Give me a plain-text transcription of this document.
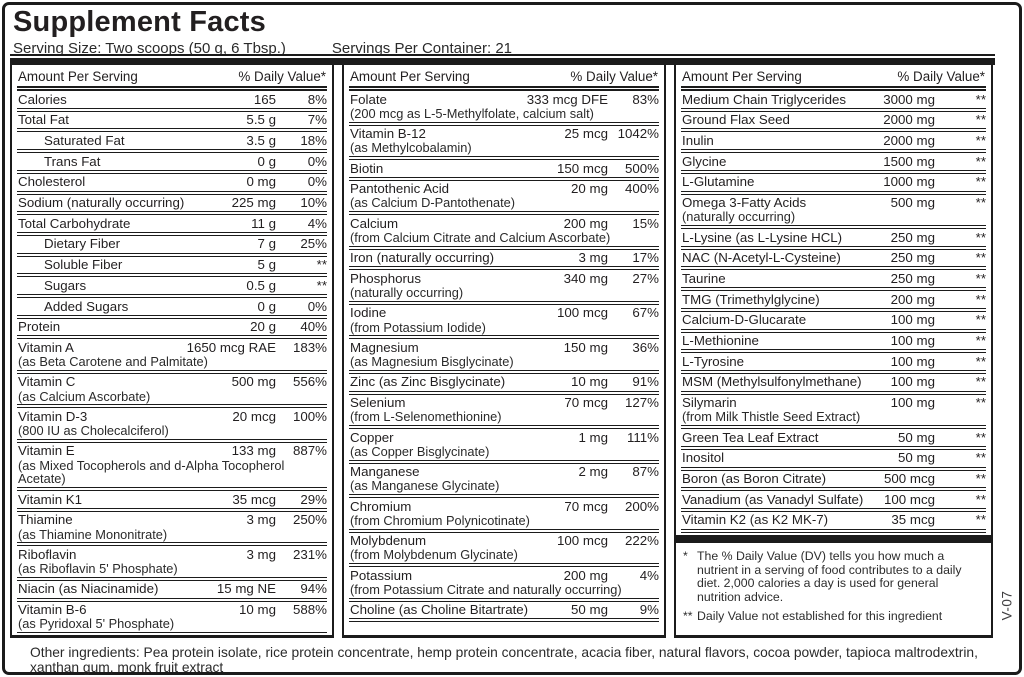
Supplement Facts
Serving Size: Two scoops (50 g, 6 Tbsp.)	Servings Per Container: 21
Amount Per Serving	% Daily Value*
Calories	165	8%
Total Fat	5.5 g	7%
Saturated Fat	3.5 g	18%
Trans Fat	0 g	0%
Cholesterol	0 mg	0%
Sodium (naturally occurring)	225 mg	10%
Total Carbohydrate	11 g	4%
Dietary Fiber	7 g	25%
Soluble Fiber	5 g	**
Sugars	0.5 g	**
Added Sugars	0 g	0%
Protein	20 g	40%
Vitamin A	1650 mcg RAE	183%
(as Beta Carotene and Palmitate)
Vitamin C	500 mg	556%
(as Calcium Ascorbate)
Vitamin D-3	20 mcg	100%
(800 IU as Cholecalciferol)
Vitamin E	133 mg	887%
(as Mixed Tocopherols and d-Alpha Tocopherol Acetate)
Vitamin K1	35 mcg	29%
Thiamine	3 mg	250%
(as Thiamine Mononitrate)
Riboflavin	3 mg	231%
(as Riboflavin 5' Phosphate)
Niacin (as Niacinamide)	15 mg NE	94%
Vitamin B-6	10 mg	588%
(as Pyridoxal 5' Phosphate)
Amount Per Serving	% Daily Value*
Folate	333 mcg DFE	83%
(200 mcg as L-5-Methylfolate, calcium salt)
Vitamin B-12	25 mcg 1042%
(as Methylcobalamin)
Biotin	150 mcg	500%
Pantothenic Acid	20 mg	400%
(as Calcium D-Pantothenate)
Calcium	200 mg	15%
(from Calcium Citrate and Calcium Ascorbate)
Iron (naturally occurring)	3 mg	17%
Phosphorus	340 mg	27%
(naturally occurring)
Iodine	100 mcg	67%
(from Potassium Iodide)
Magnesium	150 mg	36%
(as Magnesium Bisglycinate)
Zinc (as Zinc Bisglycinate)	10 mg	91%
Selenium	70 mcg	127%
(from L-Selenomethionine)
Copper	1 mg	111%
(as Copper Bisglycinate)
Manganese	2 mg	87%
(as Manganese Glycinate)
Chromium	70 mcg	200%
(from Chromium Polynicotinate)
Molybdenum	100 mcg	222%
(from Molybdenum Glycinate)
Potassium	200 mg	4%
(from Potassium Citrate and naturally occurring)
Choline (as Choline Bitartrate)	50 mg	9%
Amount Per Serving	% Daily Value*
Medium Chain Triglycerides	3000 mg	**
Ground Flax Seed	2000 mg	**
Inulin	2000 mg	**
Glycine	1500 mg	**
L-Glutamine	1000 mg	**
Omega 3-Fatty Acids	500 mg	**
(naturally occurring)
L-Lysine (as L-Lysine HCL)	250 mg	**
NAC (N-Acetyl-L-Cysteine)	250 mg	**
Taurine	250 mg	**
TMG (Trimethylglycine)	200 mg	**
Calcium-D-Glucarate	100 mg	**
L-Methionine	100 mg	**
L-Tyrosine	100 mg	**
MSM (Methylsulfonylmethane)	100 mg	**
Silymarin	100 mg	**
(from Milk Thistle Seed Extract)
Green Tea Leaf Extract	50 mg	**
Inositol	50 mg	**
Boron (as Boron Citrate)	500 mcg	**
Vanadium (as Vanadyl Sulfate)	100 mcg	**
Vitamin K2 (as K2 MK-7)	35 mcg	**
* The % Daily Value (DV) tells you how much a nutrient in a serving of food contributes to a daily diet. 2,000 calories a day is used for general nutrition advice.
** Daily Value not established for this ingredient
Other ingredients: Pea protein isolate, rice protein concentrate, hemp protein concentrate, acacia fiber, natural flavors, cocoa powder, tapioca maltrodextrin, xanthan gum, monk fruit extract
V-07
